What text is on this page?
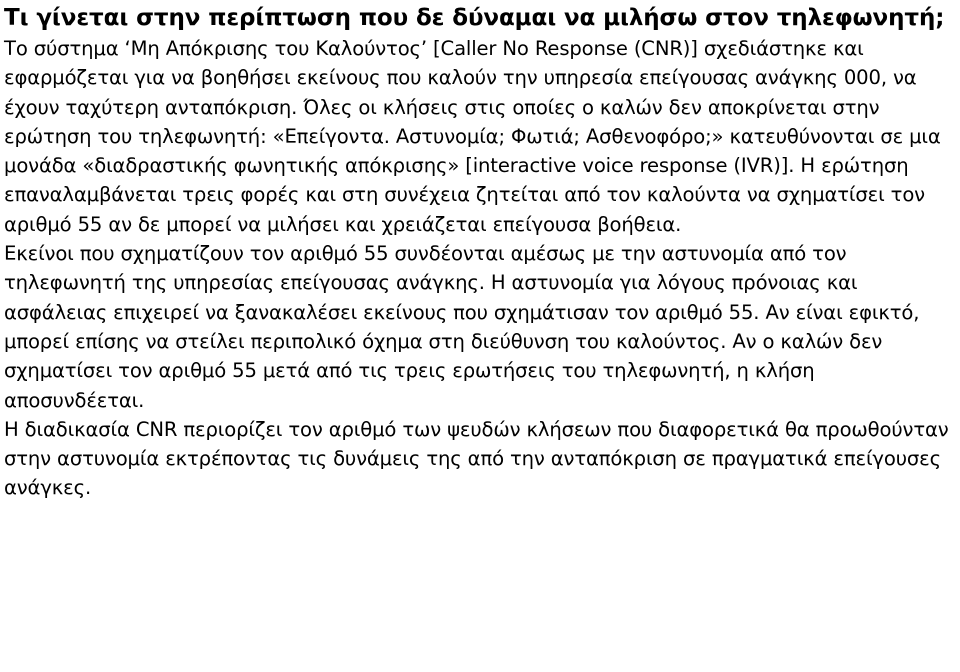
Τι γίνεται στην περίπτωση που δε δύναμαι να μιλήσω στον τηλεφωνητή;

Το σύστημα ‘Μη Απόκρισης του Καλούντος’ [Caller No Response (CNR)] σχεδιάστηκε και εφαρμόζεται για να βοηθήσει εκείνους που καλούν την υπηρεσία επείγουσας ανάγκης 000, να έχουν ταχύτερη ανταπόκριση. Όλες οι κλήσεις στις οποίες ο καλών δεν αποκρίνεται στην ερώτηση του τηλεφωνητή: «Επείγοντα. Αστυνομία; Φωτιά; Ασθενοφόρο;» κατευθύνονται σε μια μονάδα «διαδραστικής φωνητικής απόκρισης» [interactive voice response (IVR)]. Η ερώτηση επαναλαμβάνεται τρεις φορές και στη συνέχεια ζητείται από τον καλούντα να σχηματίσει τον αριθμό 55 αν δε μπορεί να μιλήσει και χρειάζεται επείγουσα βοήθεια.

Εκείνοι που σχηματίζουν τον αριθμό 55 συνδέονται αμέσως με την αστυνομία από τον τηλεφωνητή της υπηρεσίας επείγουσας ανάγκης. Η αστυνομία για λόγους πρόνοιας και ασφάλειας επιχειρεί να ξανακαλέσει εκείνους που σχημάτισαν τον αριθμό 55. Αν είναι εφικτό, μπορεί επίσης να στείλει περιπολικό όχημα στη διεύθυνση του καλούντος. Αν ο καλών δεν σχηματίσει τον αριθμό 55 μετά από τις τρεις ερωτήσεις του τηλεφωνητή, η κλήση αποσυνδέεται.

Η διαδικασία CNR περιορίζει τον αριθμό των ψευδών κλήσεων που διαφορετικά θα προωθούνταν στην αστυνομία εκτρέποντας τις δυνάμεις της από την ανταπόκριση σε πραγματικά επείγουσες ανάγκες.
